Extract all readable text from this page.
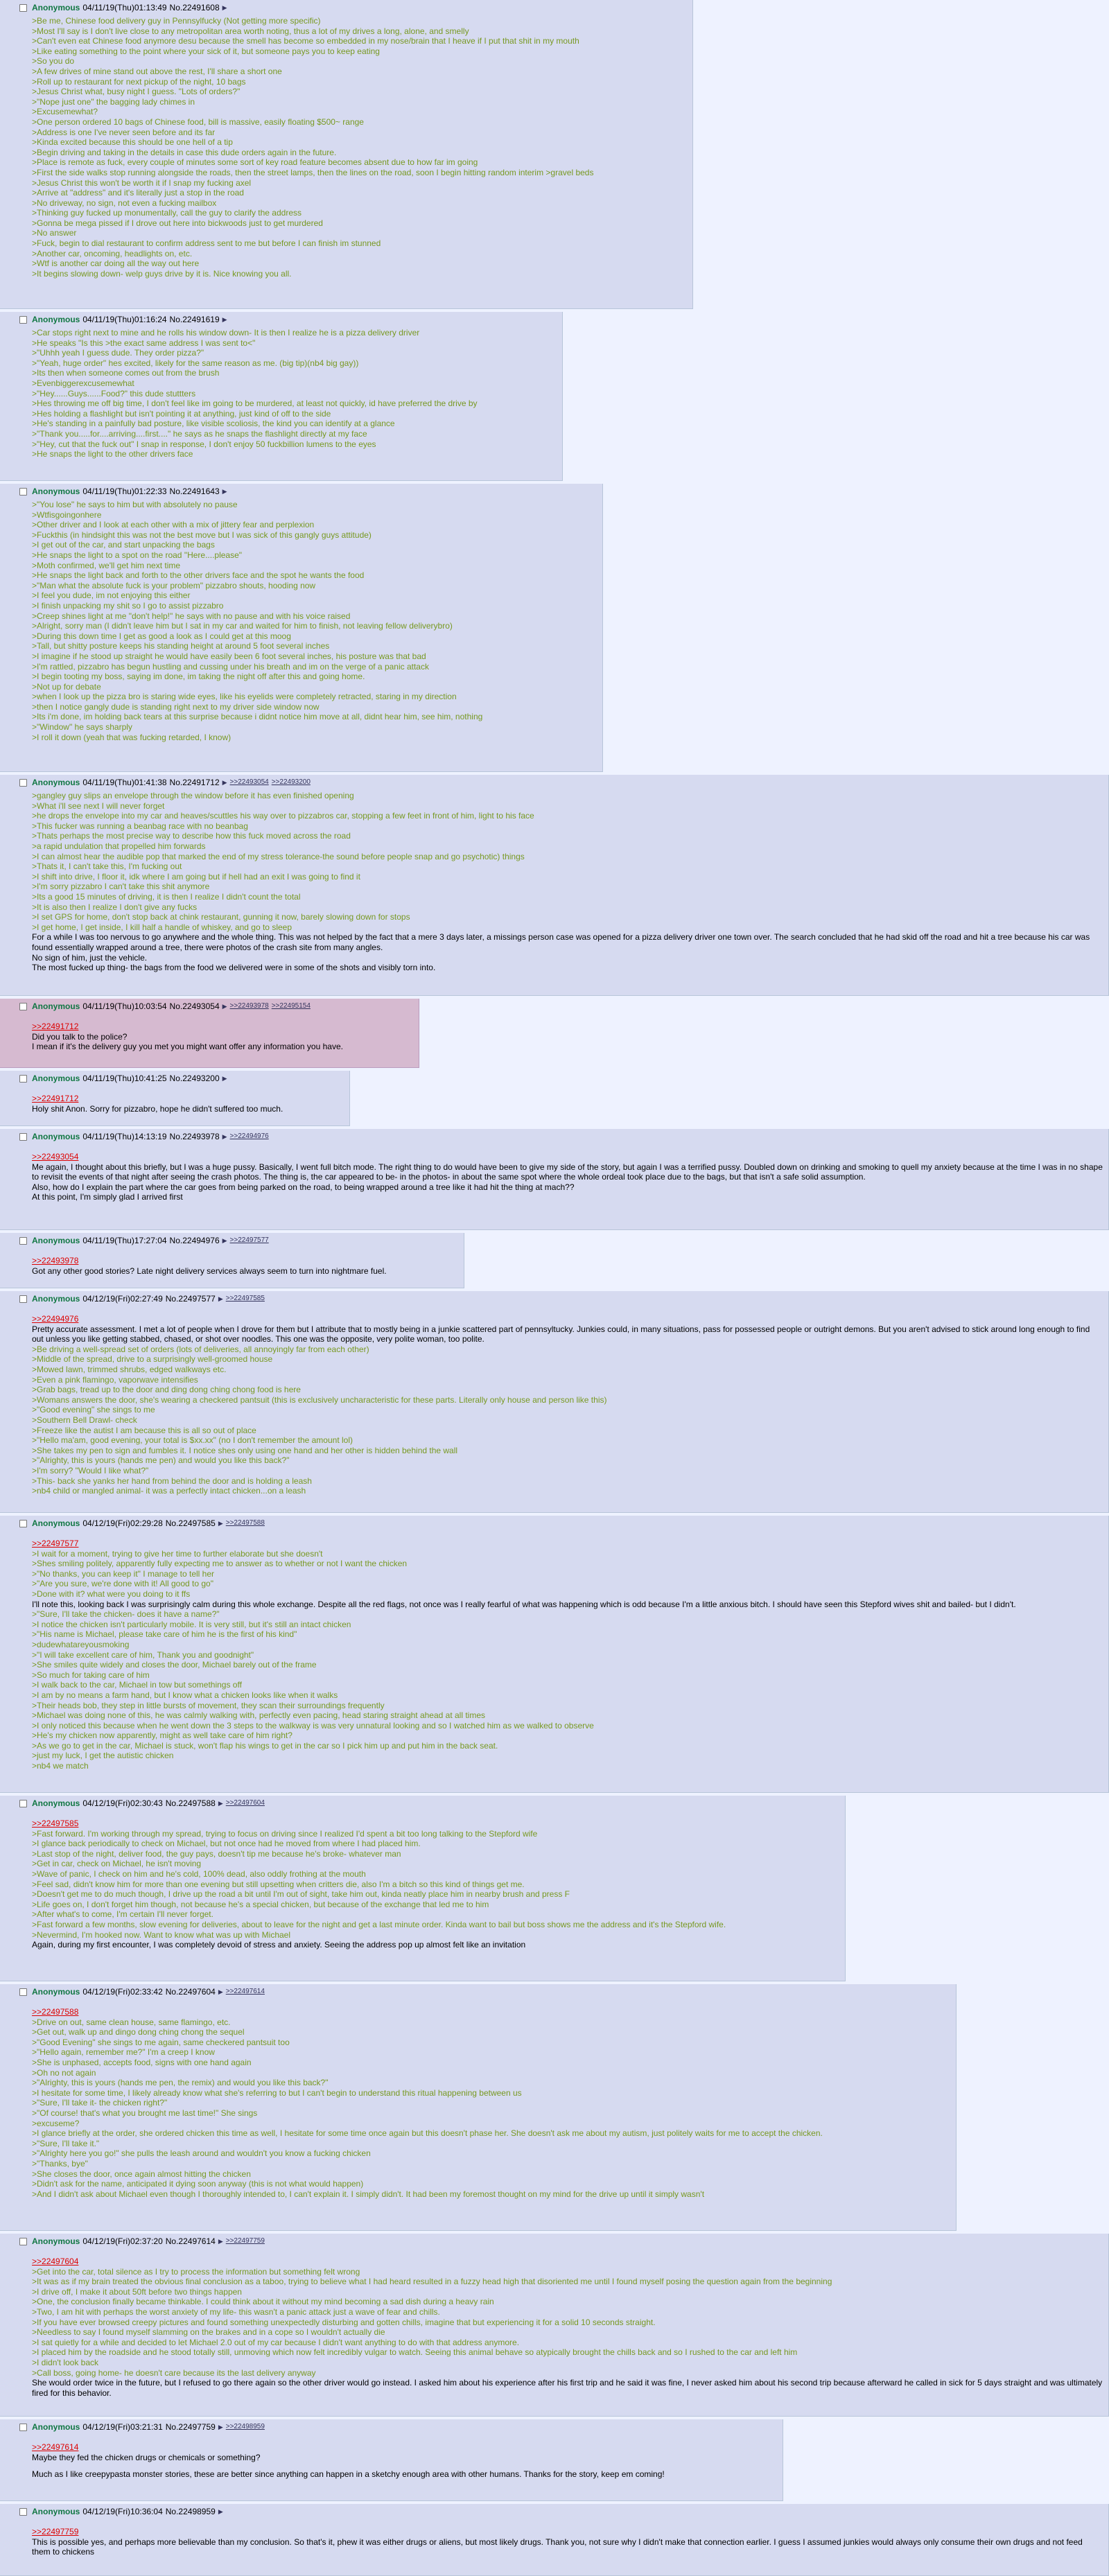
Anonymous 04/11/19(Thu)01:13:49 No.22491608 ▶
>Be me, Chinese food delivery guy in Pennsylfucky (Not getting more specific)
>Most I'll say is I don't live close to any metropolitan area worth noting, thus a lot of my drives a long, alone, and smelly
>Can't even eat Chinese food anymore desu because the smell has become so embedded in my nose/brain that I heave if I put that shit in my mouth
>Like eating something to the point where your sick of it, but someone pays you to keep eating
>So you do
>A few drives of mine stand out above the rest, I'll share a short one
>Roll up to restaurant for next pickup of the night, 10 bags
>Jesus Christ what, busy night I guess. "Lots of orders?"
>"Nope just one" the bagging lady chimes in
>Excusemewhat?
>One person ordered 10 bags of Chinese food, bill is massive, easily floating $500~ range
>Address is one I've never seen before and its far
>Kinda excited because this should be one hell of a tip
>Begin driving and taking in the details in case this dude orders again in the future.
>Place is remote as fuck, every couple of minutes some sort of key road feature becomes absent due to how far im going
>First the side walks stop running alongside the roads, then the street lamps, then the lines on the road, soon I begin hitting random interim >gravel beds
>Jesus Christ this won't be worth it if I snap my fucking axel
>Arrive at "address" and it's literally just a stop in the road
>No driveway, no sign, not even a fucking mailbox
>Thinking guy fucked up monumentally, call the guy to clarify the address
>Gonna be mega pissed if I drove out here into bickwoods just to get murdered
>No answer
>Fuck, begin to dial restaurant to confirm address sent to me but before I can finish im stunned
>Another car, oncoming, headlights on, etc.
>Wtf is another car doing all the way out here
>It begins slowing down- welp guys drive by it is. Nice knowing you all.
Anonymous 04/11/19(Thu)01:16:24 No.22491619 ▶
>Car stops right next to mine and he rolls his window down- It is then I realize he is a pizza delivery driver
>He speaks "Is this >the exact same address I was sent to<"
>"Uhhh yeah I guess dude. They order pizza?"
>"Yeah, huge order" hes excited, likely for the same reason as me. (big tip)(nb4 big gay))
>Its then when someone comes out from the brush
>Evenbiggerexcusemewhat
>"Hey......Guys......Food?" this dude stuttters
>Hes throwing me off big time, I don't feel like im going to be murdered, at least not quickly, id have preferred the drive by
>Hes holding a flashlight but isn't pointing it at anything, just kind of off to the side
>He's standing in a painfully bad posture, like visible scoliosis, the kind you can identify at a glance
>"Thank you.....for....arriving....first...." he says as he snaps the flashlight directly at my face
>"Hey, cut that the fuck out" I snap in response, I don't enjoy 50 fuckbillion lumens to the eyes
>He snaps the light to the other drivers face
Anonymous 04/11/19(Thu)01:22:33 No.22491643 ▶
>"You lose" he says to him but with absolutely no pause
>Wtfisgoingonhere
>Other driver and I look at each other with a mix of jittery fear and perplexion
>Fuckthis (in hindsight this was not the best move but I was sick of this gangly guys attitude)
>I get out of the car, and start unpacking the bags
>He snaps the light to a spot on the road "Here....please"
>Moth confirmed, we'll get him next time
>He snaps the light back and forth to the other drivers face and the spot he wants the food
>"Man what the absolute fuck is your problem" pizzabro shouts, hooding now
>I feel you dude, im not enjoying this either
>I finish unpacking my shit so I go to assist pizzabro
>Creep shines light at me "don't help!" he says with no pause and with his voice raised
>Alright, sorry man (I didn't leave him but I sat in my car and waited for him to finish, not leaving fellow deliverybro)
>During this down time I get as good a look as I could get at this moog
>Tall, but shitty posture keeps his standing height at around 5 foot several inches
>I imagine if he stood up straight he would have easily been 6 foot several inches, his posture was that bad
>I'm rattled, pizzabro has begun hustling and cussing under his breath and im on the verge of a panic attack
>I begin tooting my boss, saying im done, im taking the night off after this and going home.
>Not up for debate
>when I look up the pizza bro is staring wide eyes, like his eyelids were completely retracted, staring in my direction
>then I notice gangly dude is standing right next to my driver side window now
>Its i'm done, im holding back tears at this surprise because i didnt notice him move at all, didnt hear him, see him, nothing
>"Window" he says sharply
>I roll it down (yeah that was fucking retarded, I know)
Anonymous 04/11/19(Thu)01:41:38 No.22491712 ▶ >>22493054 >>22493200
>gangley guy slips an envelope through the window before it has even finished opening
>What i'll see next I will never forget
>he drops the envelope into my car and heaves/scuttles his way over to pizzabros car, stopping a few feet in front of him, light to his face
>This fucker was running a beanbag race with no beanbag
>Thats perhaps the most precise way to describe how this fuck moved across the road
>a rapid undulation that propelled him forwards
>I can almost hear the audible pop that marked the end of my stress tolerance-the sound before people snap and go psychotic) things
>Thats it, I can't take this, I'm fucking out
>I shift into drive, I floor it, idk where I am going but if hell had an exit I was going to find it
>I'm sorry pizzabro I can't take this shit anymore
>Its a good 15 minutes of driving, it is then I realize I didn't count the total
>It is also then I realize I don't give any fucks
>I set GPS for home, don't stop back at chink restaurant, gunning it now, barely slowing down for stops
>I get home, I get inside, I kill half a handle of whiskey, and go to sleep
For a while I was too nervous to go anywhere and the whole thing. This was not helped by the fact that a mere 3 days later, a missings person case was opened for a pizza delivery driver one town over. The search concluded that he had skid off the road and hit a tree because his car was found essentially wrapped around a tree, there were photos of the crash site from many angles.
No sign of him, just the vehicle.
The most fucked up thing- the bags from the food we delivered were in some of the shots and visibly torn into.
Anonymous 04/11/19(Thu)10:03:54 No.22493054 ▶ >>22493978 >>22495154
>>22491712
Did you talk to the police?
I mean if it's the delivery guy you met you might want offer any information you have.
Anonymous 04/11/19(Thu)10:41:25 No.22493200 ▶
>>22491712
Holy shit Anon. Sorry for pizzabro, hope he didn't suffered too much.
Anonymous 04/11/19(Thu)14:13:19 No.22493978 ▶ >>22494976
>>22493054
Me again, I thought about this briefly, but I was a huge pussy. Basically, I went full bitch mode. The right thing to do would have been to give my side of the story, but again I was a terrified pussy. Doubled down on drinking and smoking to quell my anxiety because at the time I was in no shape to revisit the events of that night after seeing the crash photos. The thing is, the car appeared to be- in the photos- in about the same spot where the whole ordeal took place due to the bags, but that isn't a safe solid assumption.
Also, how do I explain the part where the car goes from being parked on the road, to being wrapped around a tree like it had hit the thing at mach??
At this point, I'm simply glad I arrived first
Anonymous 04/11/19(Thu)17:27:04 No.22494976 ▶ >>22497577
>>22493978
Got any other good stories? Late night delivery services always seem to turn into nightmare fuel.
Anonymous 04/12/19(Fri)02:27:49 No.22497577 ▶ >>22497585
>>22494976
Pretty accurate assessment. I met a lot of people when I drove for them but I attribute that to mostly being in a junkie scattered part of pennsyltucky. Junkies could, in many situations, pass for possessed people or outright demons. But you aren't advised to stick around long enough to find out unless you like getting stabbed, chased, or shot over noodles. This one was the opposite, very polite woman, too polite.
>Be driving a well-spread set of orders (lots of deliveries, all annoyingly far from each other)
>Middle of the spread, drive to a surprisingly well-groomed house
>Mowed lawn, trimmed shrubs, edged walkways etc.
>Even a pink flamingo, vaporwave intensifies
>Grab bags, tread up to the door and ding dong ching chong food is here
>Womans answers the door, she's wearing a checkered pantsuit (this is exclusively uncharacteristic for these parts. Literally only house and person like this)
>"Good evening" she sings to me
>Southern Bell Drawl- check
>Freeze like the autist I am because this is all so out of place
>"Hello ma'am, good evening, your total is $xx.xx" (no I don't remember the amount lol)
>She takes my pen to sign and fumbles it. I notice shes only using one hand and her other is hidden behind the wall
>"Alrighty, this is yours (hands me pen) and would you like this back?"
>I'm sorry? "Would I like what?"
>This- back she yanks her hand from behind the door and is holding a leash
>nb4 child or mangled animal- it was a perfectly intact chicken...on a leash
Anonymous 04/12/19(Fri)02:29:28 No.22497585 ▶ >>22497588
>>22497577
>I wait for a moment, trying to give her time to further elaborate but she doesn't
>Shes smiling politely, apparently fully expecting me to answer as to whether or not I want the chicken
>"No thanks, you can keep it" I manage to tell her
>"Are you sure, we're done with it! All good to go"
>Done with it? what were you doing to it ffs
I'll note this, looking back I was surprisingly calm during this whole exchange. Despite all the red flags, not once was I really fearful of what was happening which is odd because I'm a little anxious bitch. I should have seen this Stepford wives shit and bailed- but I didn't.
>"Sure, I'll take the chicken- does it have a name?"
>I notice the chicken isn't particularly mobile. It is very still, but it's still an intact chicken
>"His name is Michael, please take care of him he is the first of his kind"
>dudewhatareyousmoking
>"I will take excellent care of him, Thank you and goodnight"
>She smiles quite widely and closes the door, Michael barely out of the frame
>So much for taking care of him
>I walk back to the car, Michael in tow but somethings off
>I am by no means a farm hand, but I know what a chicken looks like when it walks
>Their heads bob, they step in little bursts of movement, they scan their surroundings frequently
>Michael was doing none of this, he was calmly walking with, perfectly even pacing, head staring straight ahead at all times
>I only noticed this because when he went down the 3 steps to the walkway is was very unnatural looking and so I watched him as we walked to observe
>He's my chicken now apparently, might as well take care of him right?
>As we go to get in the car, Michael is stuck, won't flap his wings to get in the car so I pick him up and put him in the back seat.
>just my luck, I get the autistic chicken
>nb4 we match
Anonymous 04/12/19(Fri)02:30:43 No.22497588 ▶ >>22497604
>>22497585
>Fast forward. I'm working through my spread, trying to focus on driving since I realized I'd spent a bit too long talking to the Stepford wife
>I glance back periodically to check on Michael, but not once had he moved from where I had placed him.
>Last stop of the night, deliver food, the guy pays, doesn't tip me because he's broke- whatever man
>Get in car, check on Michael, he isn't moving
>Wave of panic, I check on him and he's cold, 100% dead, also oddly frothing at the mouth
>Feel sad, didn't know him for more than one evening but still upsetting when critters die, also I'm a bitch so this kind of things get me.
>Doesn't get me to do much though, I drive up the road a bit until I'm out of sight, take him out, kinda neatly place him in nearby brush and press F
>Life goes on, I don't forget him though, not because he's a special chicken, but because of the exchange that led me to him
>After what's to come, I'm certain I'll never forget.
>Fast forward a few months, slow evening for deliveries, about to leave for the night and get a last minute order. Kinda want to bail but boss shows me the address and it's the Stepford wife.
>Nevermind, I'm hooked now. Want to know what was up with Michael
Again, during my first encounter, I was completely devoid of stress and anxiety. Seeing the address pop up almost felt like an invitation
Anonymous 04/12/19(Fri)02:33:42 No.22497604 ▶ >>22497614
>>22497588
>Drive on out, same clean house, same flamingo, etc.
>Get out, walk up and dingo dong ching chong the sequel
>"Good Evening" she sings to me again, same checkered pantsuit too
>"Hello again, remember me?" I'm a creep I know
>She is unphased, accepts food, signs with one hand again
>Oh no not again
>"Alrighty, this is yours (hands me pen, the remix) and would you like this back?"
>I hesitate for some time, I likely already know what she's referring to but I can't begin to understand this ritual happening between us
>"Sure, I'll take it- the chicken right?"
>"Of course! that's what you brought me last time!" She sings
>excuseme?
>I glance briefly at the order, she ordered chicken this time as well, I hesitate for some time once again but this doesn't phase her. She doesn't ask me about my autism, just politely waits for me to accept the chicken.
>"Sure, I'll take it."
>"Alrighty here you go!" she pulls the leash around and wouldn't you know a fucking chicken
>"Thanks, bye"
>She closes the door, once again almost hitting the chicken
>Didn't ask for the name, anticipated it dying soon anyway (this is not what would happen)
>And I didn't ask about Michael even though I thoroughly intended to, I can't explain it. I simply didn't. It had been my foremost thought on my mind for the drive up until it simply wasn't
Anonymous 04/12/19(Fri)02:37:20 No.22497614 ▶ >>22497759
>>22497604
>Get into the car, total silence as I try to process the information but something felt wrong
>It was as if my brain treated the obvious final conclusion as a taboo, trying to believe what I had heard resulted in a fuzzy head high that disoriented me until I found myself posing the question again from the beginning
>I drive off, I make it about 50ft before two things happen
>One, the conclusion finally became thinkable. I could think about it without my mind becoming a sad dish during a heavy rain
>Two, I am hit with perhaps the worst anxiety of my life- this wasn't a panic attack just a wave of fear and chills.
>If you have ever browsed creepy pictures and found something unexpectedly disturbing and gotten chills, imagine that but experiencing it for a solid 10 seconds straight.
>Needless to say I found myself slamming on the brakes and in a cope so I wouldn't actually die
>I sat quietly for a while and decided to let Michael 2.0 out of my car because I didn't want anything to do with that address anymore.
>I placed him by the roadside and he stood totally still, unmoving which now felt incredibly vulgar to watch. Seeing this animal behave so atypically brought the chills back and so I rushed to the car and left him
>I didn't look back
>Call boss, going home- he doesn't care because its the last delivery anyway
She would order twice in the future, but I refused to go there again so the other driver would go instead. I asked him about his experience after his first trip and he said it was fine, I never asked him about his second trip because afterward he called in sick for 5 days straight and was ultimately fired for this behavior.
Anonymous 04/12/19(Fri)03:21:31 No.22497759 ▶ >>22498959
>>22497614
Maybe they fed the chicken drugs or chemicals or something?
Much as I like creepypasta monster stories, these are better since anything can happen in a sketchy enough area with other humans. Thanks for the story, keep em coming!
Anonymous 04/12/19(Fri)10:36:04 No.22498959 ▶
>>22497759
This is possible yes, and perhaps more believable than my conclusion. So that's it, phew it was either drugs or aliens, but most likely drugs. Thank you, not sure why I didn't make that connection earlier. I guess I assumed junkies would always only consume their own drugs and not feed them to chickens
